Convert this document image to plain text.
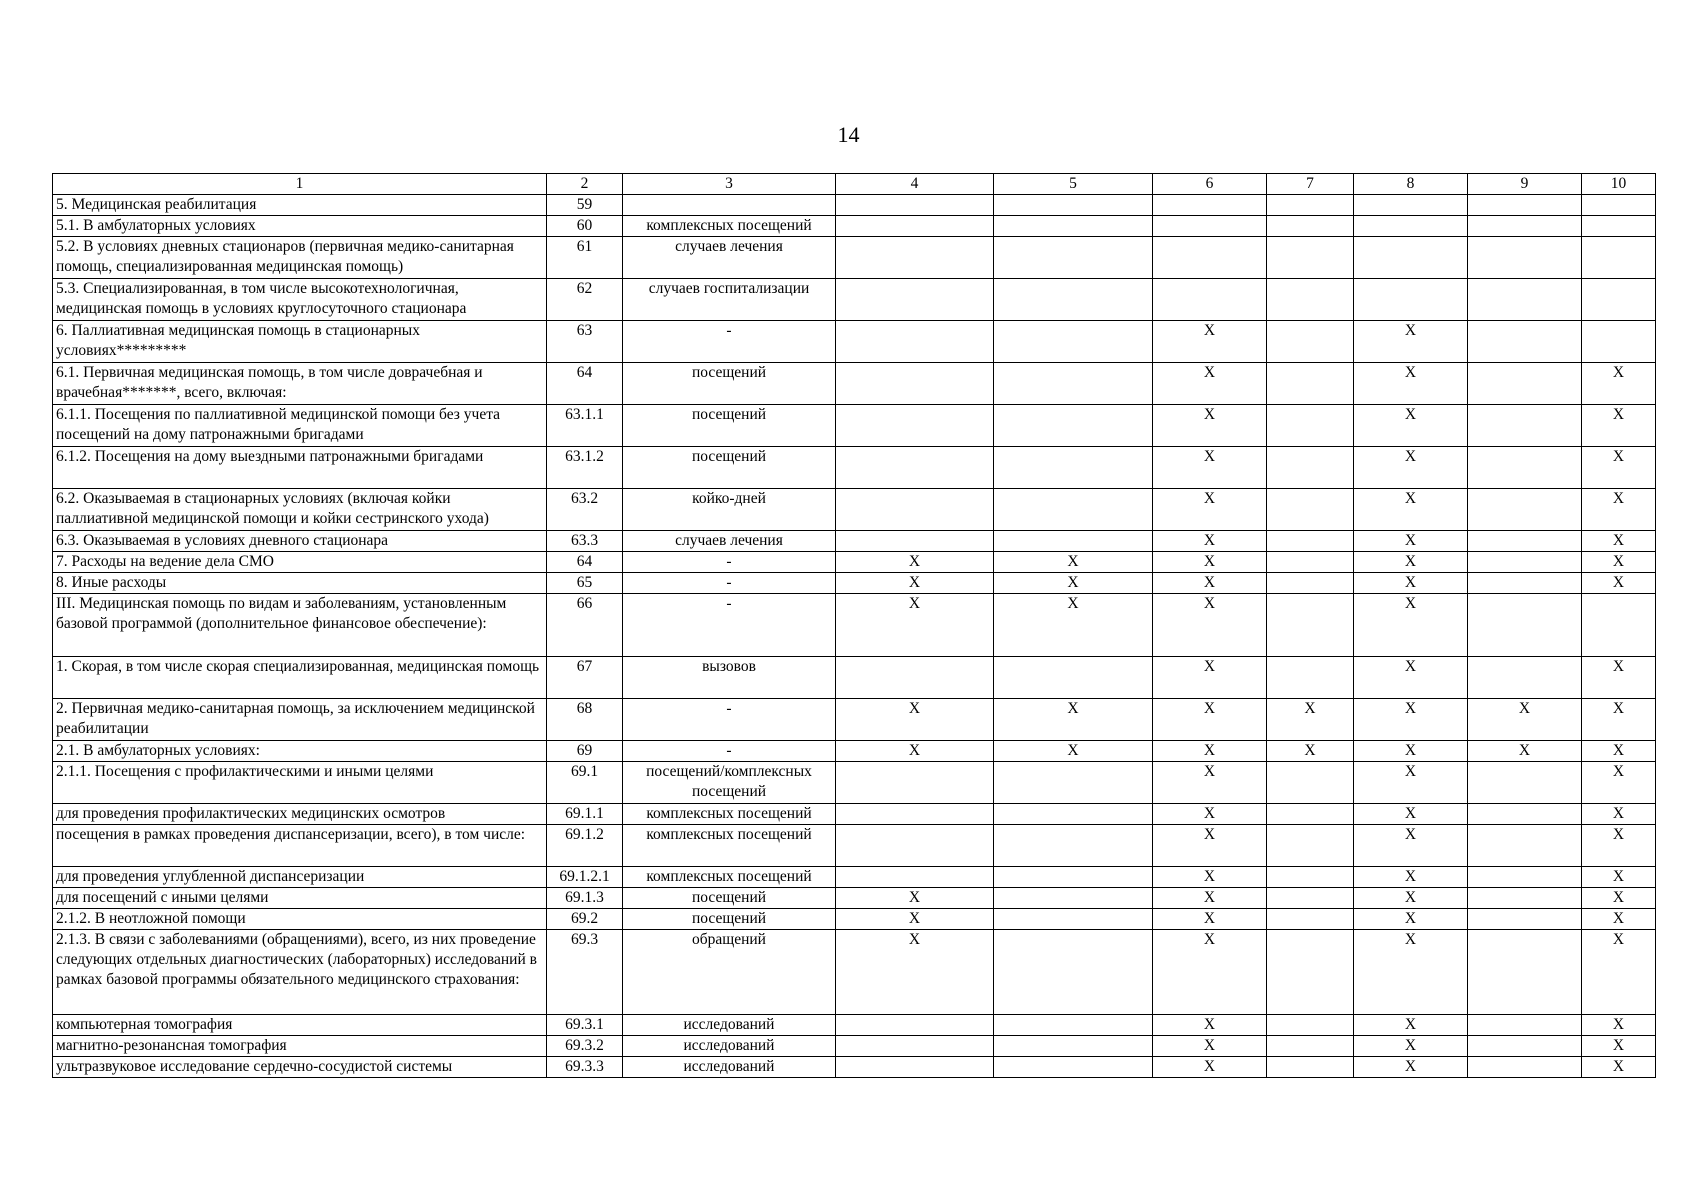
14
1	2	3	4	5	6	7	8	9	10
5. Медицинская реабилитация	59								
5.1. В амбулаторных условиях	60	комплексных посещений							
5.2. В условиях дневных стационаров (первичная медико-санитарная помощь, специализированная медицинская помощь)	61	случаев лечения							
5.3. Специализированная, в том числе высокотехнологичная, медицинская помощь в условиях круглосуточного стационара	62	случаев госпитализации							
6. Паллиативная медицинская помощь в стационарных условиях*********	63	-			X		X		
6.1. Первичная медицинская помощь, в том числе доврачебная и врачебная*******, всего, включая:	64	посещений			X		X		X
6.1.1. Посещения по паллиативной медицинской помощи без учета посещений на дому патронажными бригадами	63.1.1	посещений			X		X		X
6.1.2. Посещения на дому выездными патронажными бригадами	63.1.2	посещений			X		X		X
6.2. Оказываемая в стационарных условиях (включая койки паллиативной медицинской помощи и койки сестринского ухода)	63.2	койко-дней			X		X		X
6.3. Оказываемая в условиях дневного стационара	63.3	случаев лечения			X		X		X
7. Расходы на ведение дела СМО	64	-	X	X	X		X		X
8. Иные расходы	65	-	X	X	X		X		X
III. Медицинская помощь по видам и заболеваниям, установленным базовой программой (дополнительное финансовое обеспечение):	66	-	X	X	X		X		
1. Скорая, в том числе скорая специализированная, медицинская помощь	67	вызовов			X		X		X
2. Первичная медико-санитарная помощь, за исключением медицинской реабилитации	68	-	X	X	X	X	X	X	X
2.1. В амбулаторных условиях:	69	-	X	X	X	X	X	X	X
2.1.1. Посещения с профилактическими и иными целями	69.1	посещений/комплексных посещений			X		X		X
для проведения профилактических медицинских осмотров	69.1.1	комплексных посещений			X		X		X
посещения в рамках проведения диспансеризации, всего), в том числе:	69.1.2	комплексных посещений			X		X		X
для проведения углубленной диспансеризации	69.1.2.1	комплексных посещений			X		X		X
для посещений с иными целями	69.1.3	посещений	X		X		X		X
2.1.2. В неотложной помощи	69.2	посещений	X		X		X		X
2.1.3. В связи с заболеваниями (обращениями), всего, из них проведение следующих отдельных диагностических (лабораторных) исследований в рамках базовой программы обязательного медицинского страхования:	69.3	обращений	X		X		X		X
компьютерная томография	69.3.1	исследований			X		X		X
магнитно-резонансная томография	69.3.2	исследований			X		X		X
ультразвуковое исследование сердечно-сосудистой системы	69.3.3	исследований			X		X		X
